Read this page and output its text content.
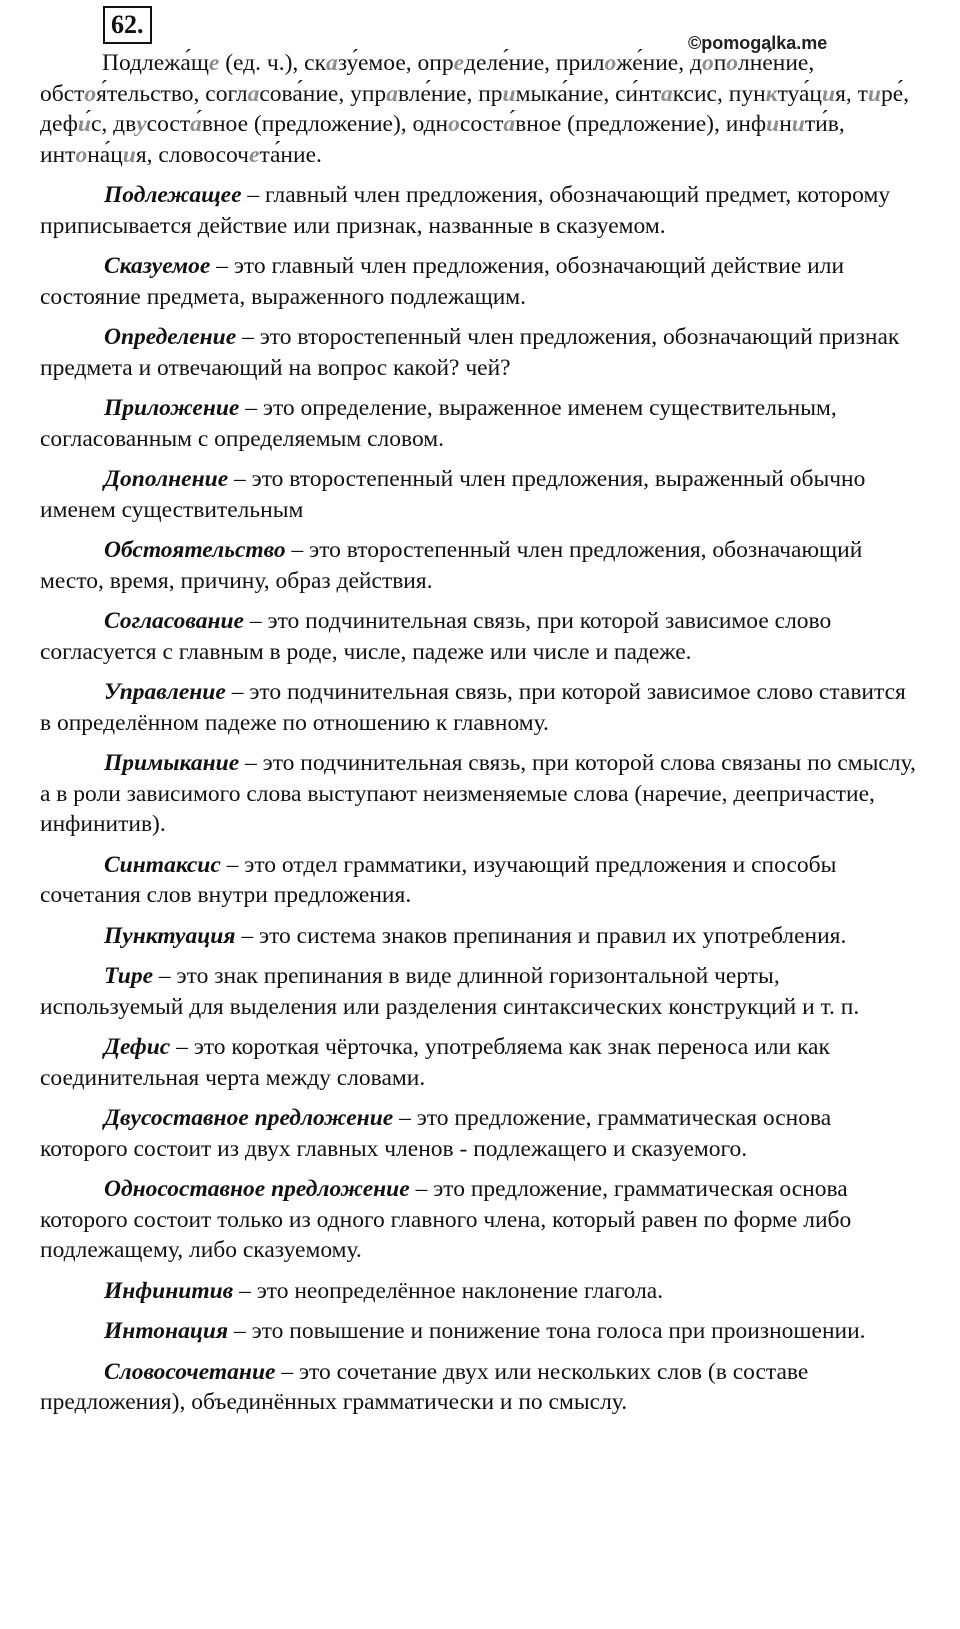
62.
©pomogalka.me

Подлежа́ще (ед. ч.), сказу́емое, определе́ние, приложе́ние, дополне́ние, обстоя́тельство, согласова́ние, управле́ние, примыка́ние, си́нтаксис, пунктуа́ция, тире́, дефи́с, двусоста́вное (предложение), однососта́вное (предложение), инфинити́в, интона́ция, словосочета́ние.

Подлежащее – главный член предложения, обозначающий предмет, которому приписывается действие или признак, названные в сказуемом.

Сказуемое – это главный член предложения, обозначающий действие или состояние предмета, выраженного подлежащим.

Определение – это второстепенный член предложения, обозначающий признак предмета и отвечающий на вопрос какой? чей?

Приложение – это определение, выраженное именем существительным, согласованным с определяемым словом.

Дополнение – это второстепенный член предложения, выраженный обычно именем существительным

Обстоятельство – это второстепенный член предложения, обозначающий место, время, причину, образ действия.

Согласование – это подчинительная связь, при которой зависимое слово согласуется с главным в роде, числе, падеже или числе и падеже.

Управление – это подчинительная связь, при которой зависимое слово ставится в определённом падеже по отношению к главному.

Примыкание – это подчинительная связь, при которой слова связаны по смыслу, а в роли зависимого слова выступают неизменяемые слова (наречие, деепричастие, инфинитив).

Синтаксис – это отдел грамматики, изучающий предложения и способы сочетания слов внутри предложения.

Пунктуация – это система знаков препинания и правил их употребления.

Тире – это знак препинания в виде длинной горизонтальной черты, используемый для выделения или разделения синтаксических конструкций и т. п.

Дефис – это короткая чёрточка, употребляема как знак переноса или как соединительная черта между словами.

Двусоставное предложение – это предложение, грамматическая основа которого состоит из двух главных членов - подлежащего и сказуемого.

Односоставное предложение – это предложение, грамматическая основа которого состоит только из одного главного члена, который равен по форме либо подлежащему, либо сказуемому.

Инфинитив – это неопределённое наклонение глагола.

Интонация – это повышение и понижение тона голоса при произношении.

Словосочетание – это сочетание двух или нескольких слов (в составе предложения), объединённых грамматически и по смыслу.
